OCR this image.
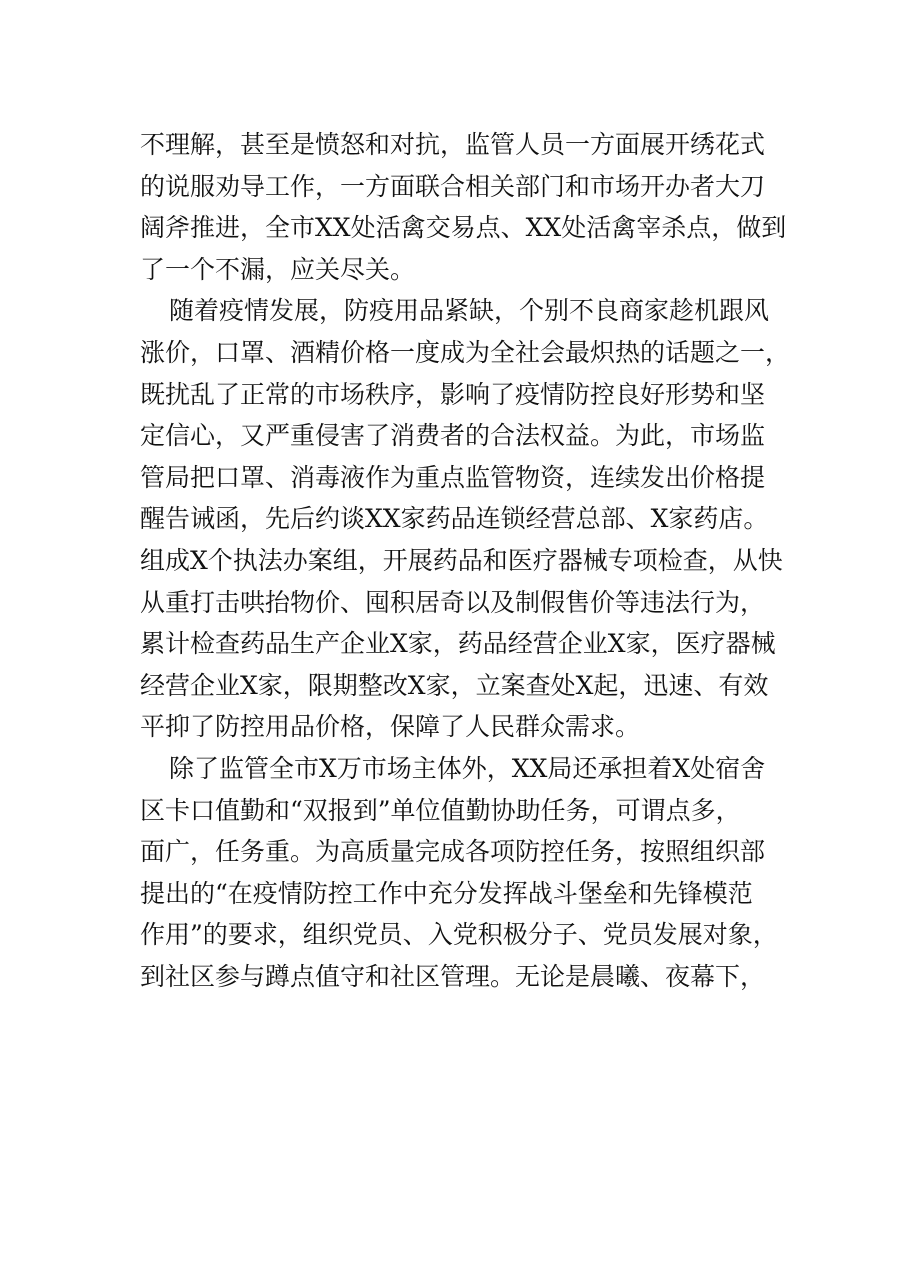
不理解，甚至是愤怒和对抗，监管人员一方面展开绣花式
的说服劝导工作，一方面联合相关部门和市场开办者大刀
阔斧推进，全市XX处活禽交易点、XX处活禽宰杀点，做到
了一个不漏，应关尽关。
随着疫情发展，防疫用品紧缺，个别不良商家趁机跟风
涨价，口罩、酒精价格一度成为全社会最炽热的话题之一，
既扰乱了正常的市场秩序，影响了疫情防控良好形势和坚
定信心，又严重侵害了消费者的合法权益。为此，市场监
管局把口罩、消毒液作为重点监管物资，连续发出价格提
醒告诫函，先后约谈XX家药品连锁经营总部、X家药店。
组成X个执法办案组，开展药品和医疗器械专项检查，从快
从重打击哄抬物价、囤积居奇以及制假售价等违法行为，
累计检查药品生产企业X家，药品经营企业X家，医疗器械
经营企业X家，限期整改X家，立案查处X起，迅速、有效
平抑了防控用品价格，保障了人民群众需求。
除了监管全市X万市场主体外，XX局还承担着X处宿舍
区卡口值勤和“双报到”单位值勤协助任务，可谓点多，
面广，任务重。为高质量完成各项防控任务，按照组织部
提出的“在疫情防控工作中充分发挥战斗堡垒和先锋模范
作用”的要求，组织党员、入党积极分子、党员发展对象，
到社区参与蹲点值守和社区管理。无论是晨曦、夜幕下，
